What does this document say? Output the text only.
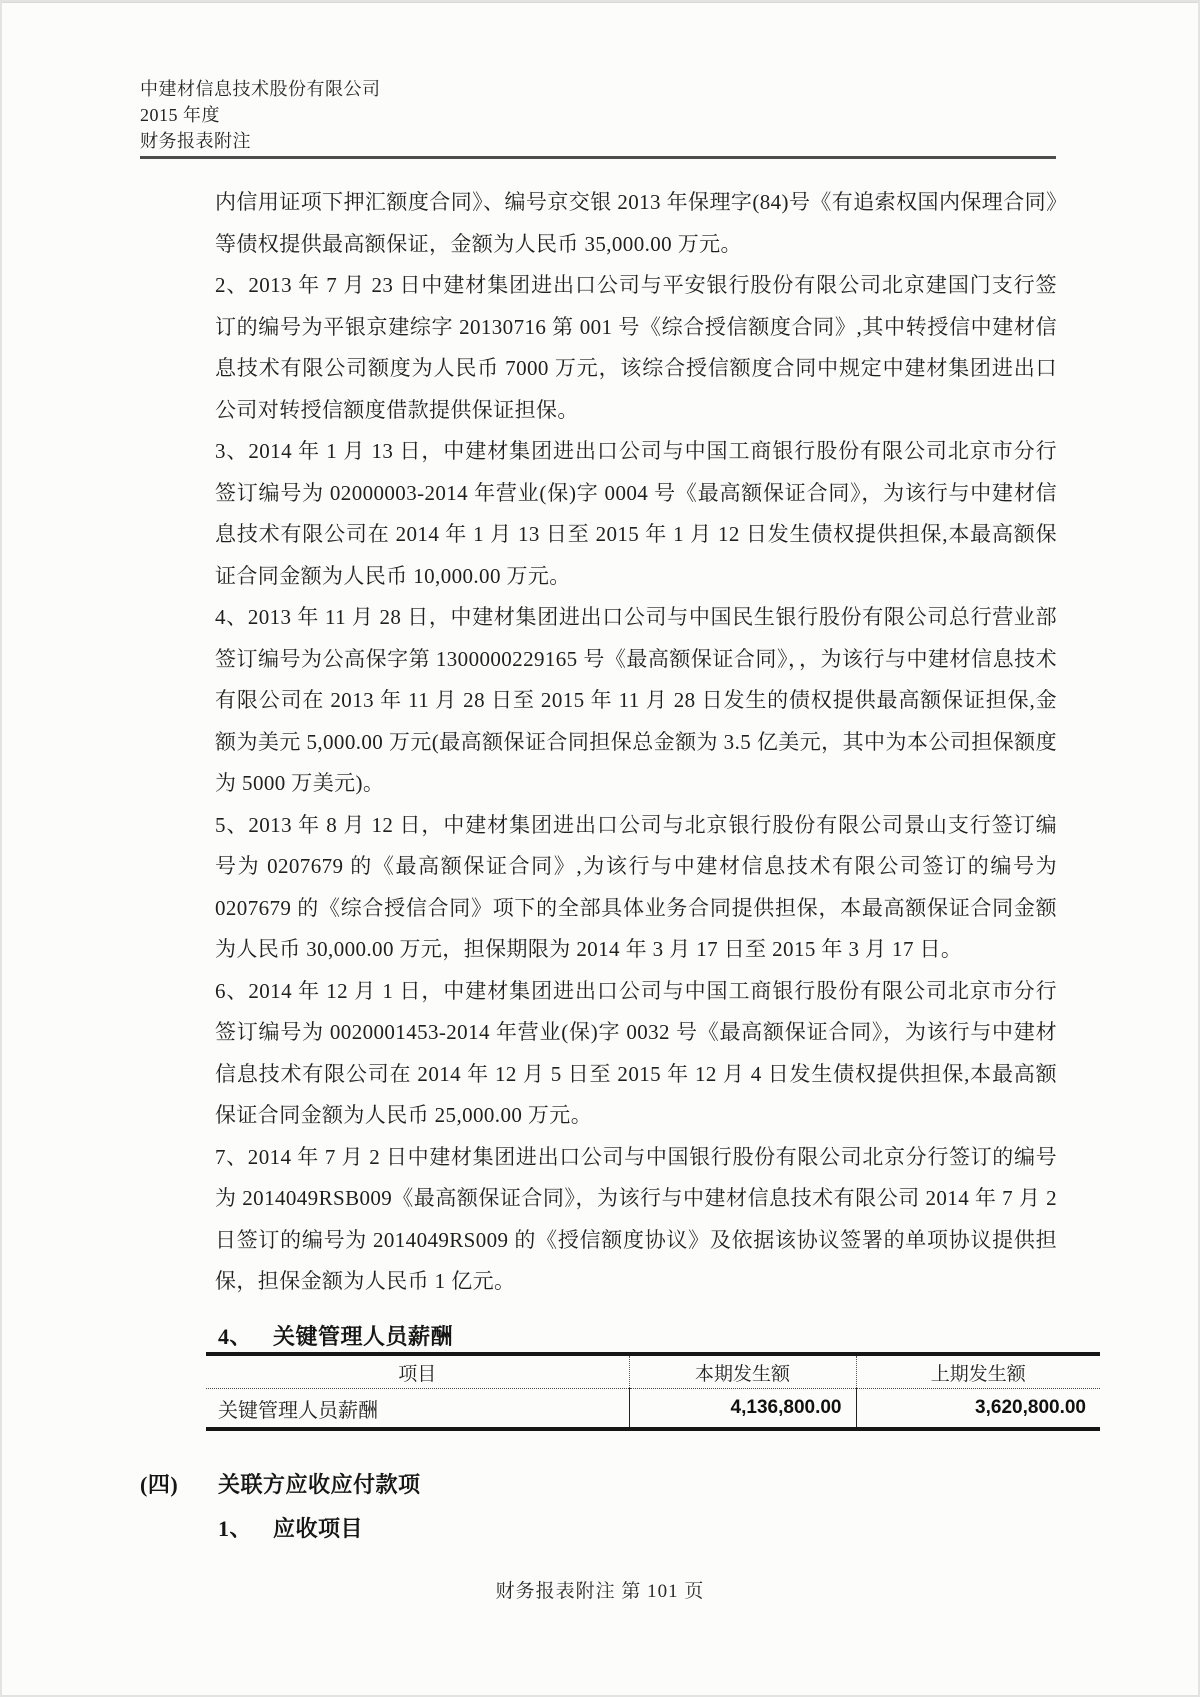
中建材信息技术股份有限公司
2015 年度
财务报表附注

内信用证项下押汇额度合同》、编号京交银 2013 年保理字(84)号《有追索权国内保理合同》等债权提供最高额保证，金额为人民币 35,000.00 万元。

2、2013 年 7 月 23 日中建材集团进出口公司与平安银行股份有限公司北京建国门支行签订的编号为平银京建综字 20130716 第 001 号《综合授信额度合同》,其中转授信中建材信息技术有限公司额度为人民币 7000 万元，该综合授信额度合同中规定中建材集团进出口公司对转授信额度借款提供保证担保。

3、2014 年 1 月 13 日，中建材集团进出口公司与中国工商银行股份有限公司北京市分行签订编号为 02000003-2014 年营业(保)字 0004 号《最高额保证合同》，为该行与中建材信息技术有限公司在 2014 年 1 月 13 日至 2015 年 1 月 12 日发生债权提供担保,本最高额保证合同金额为人民币 10,000.00 万元。

4、2013 年 11 月 28 日，中建材集团进出口公司与中国民生银行股份有限公司总行营业部签订编号为公高保字第 1300000229165 号《最高额保证合同》，，为该行与中建材信息技术有限公司在 2013 年 11 月 28 日至 2015 年 11 月 28 日发生的债权提供最高额保证担保,金额为美元 5,000.00 万元(最高额保证合同担保总金额为 3.5 亿美元，其中为本公司担保额度为 5000 万美元)。

5、2013 年 8 月 12 日，中建材集团进出口公司与北京银行股份有限公司景山支行签订编号为 0207679 的《最高额保证合同》,为该行与中建材信息技术有限公司签订的编号为 0207679 的《综合授信合同》项下的全部具体业务合同提供担保，本最高额保证合同金额为人民币 30,000.00 万元，担保期限为 2014 年 3 月 17 日至 2015 年 3 月 17 日。

6、2014 年 12 月 1 日，中建材集团进出口公司与中国工商银行股份有限公司北京市分行签订编号为 0020001453-2014 年营业(保)字 0032 号《最高额保证合同》，为该行与中建材信息技术有限公司在 2014 年 12 月 5 日至 2015 年 12 月 4 日发生债权提供担保,本最高额保证合同金额为人民币 25,000.00 万元。

7、2014 年 7 月 2 日中建材集团进出口公司与中国银行股份有限公司北京分行签订的编号为 2014049RSB009《最高额保证合同》，为该行与中建材信息技术有限公司 2014 年 7 月 2 日签订的编号为 2014049RS009 的《授信额度协议》及依据该协议签署的单项协议提供担保，担保金额为人民币 1 亿元。

4、 关键管理人员薪酬
项目	本期发生额	上期发生额
关键管理人员薪酬	4,136,800.00	3,620,800.00
(四) 关联方应收应付款项
1、 应收项目
财务报表附注 第 101 页
